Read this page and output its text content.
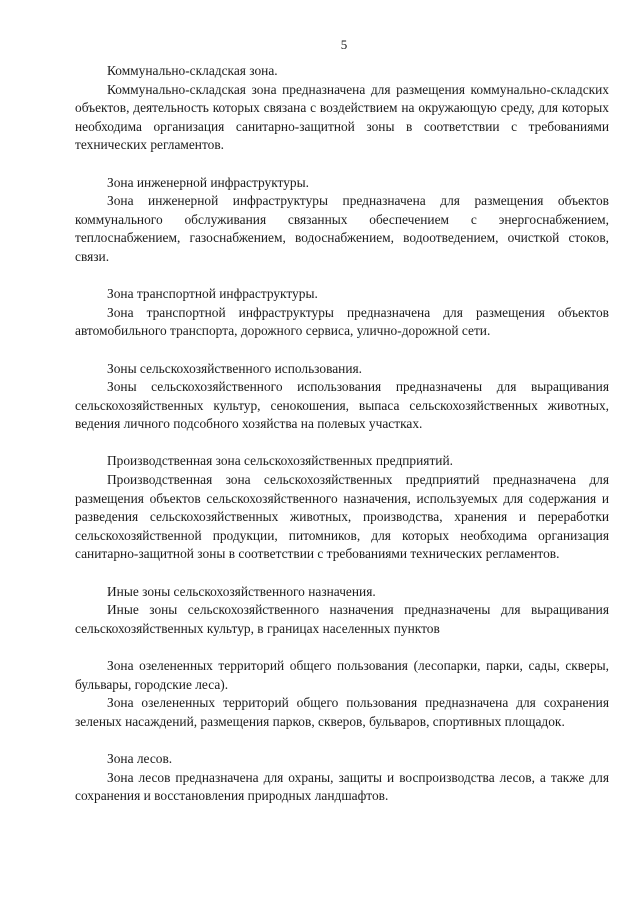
5

Коммунально-складская зона.

Коммунально-складская зона предназначена для размещения коммунально-складских объектов, деятельность которых связана с воздействием на окружающую среду, для которых необходима организация санитарно-защитной зоны в соответствии с требованиями технических регламентов.

Зона инженерной инфраструктуры.

Зона инженерной инфраструктуры предназначена для размещения объектов коммунального обслуживания связанных обеспечением с энергоснабжением, теплоснабжением, газоснабжением, водоснабжением, водоотведением, очисткой стоков, связи.

Зона транспортной инфраструктуры.

Зона транспортной инфраструктуры предназначена для размещения объектов автомобильного транспорта, дорожного сервиса, улично-дорожной сети.

Зоны сельскохозяйственного использования.

Зоны сельскохозяйственного использования предназначены для выращивания сельскохозяйственных культур, сенокошения, выпаса сельскохозяйственных животных, ведения личного подсобного хозяйства на полевых участках.

Производственная зона сельскохозяйственных предприятий.

Производственная зона сельскохозяйственных предприятий предназначена для размещения объектов сельскохозяйственного назначения, используемых для содержания и разведения сельскохозяйственных животных, производства, хранения и переработки сельскохозяйственной продукции, питомников, для которых необходима организация санитарно-защитной зоны в соответствии с требованиями технических регламентов.

Иные зоны сельскохозяйственного назначения.

Иные зоны сельскохозяйственного назначения предназначены для выращивания сельскохозяйственных культур, в границах населенных пунктов

Зона озелененных территорий общего пользования (лесопарки, парки, сады, скверы, бульвары, городские леса).

Зона озелененных территорий общего пользования предназначена для сохранения зеленых насаждений, размещения парков, скверов, бульваров, спортивных площадок.

Зона лесов.

Зона лесов предназначена для охраны, защиты и воспроизводства лесов, а также для сохранения и восстановления природных ландшафтов.
